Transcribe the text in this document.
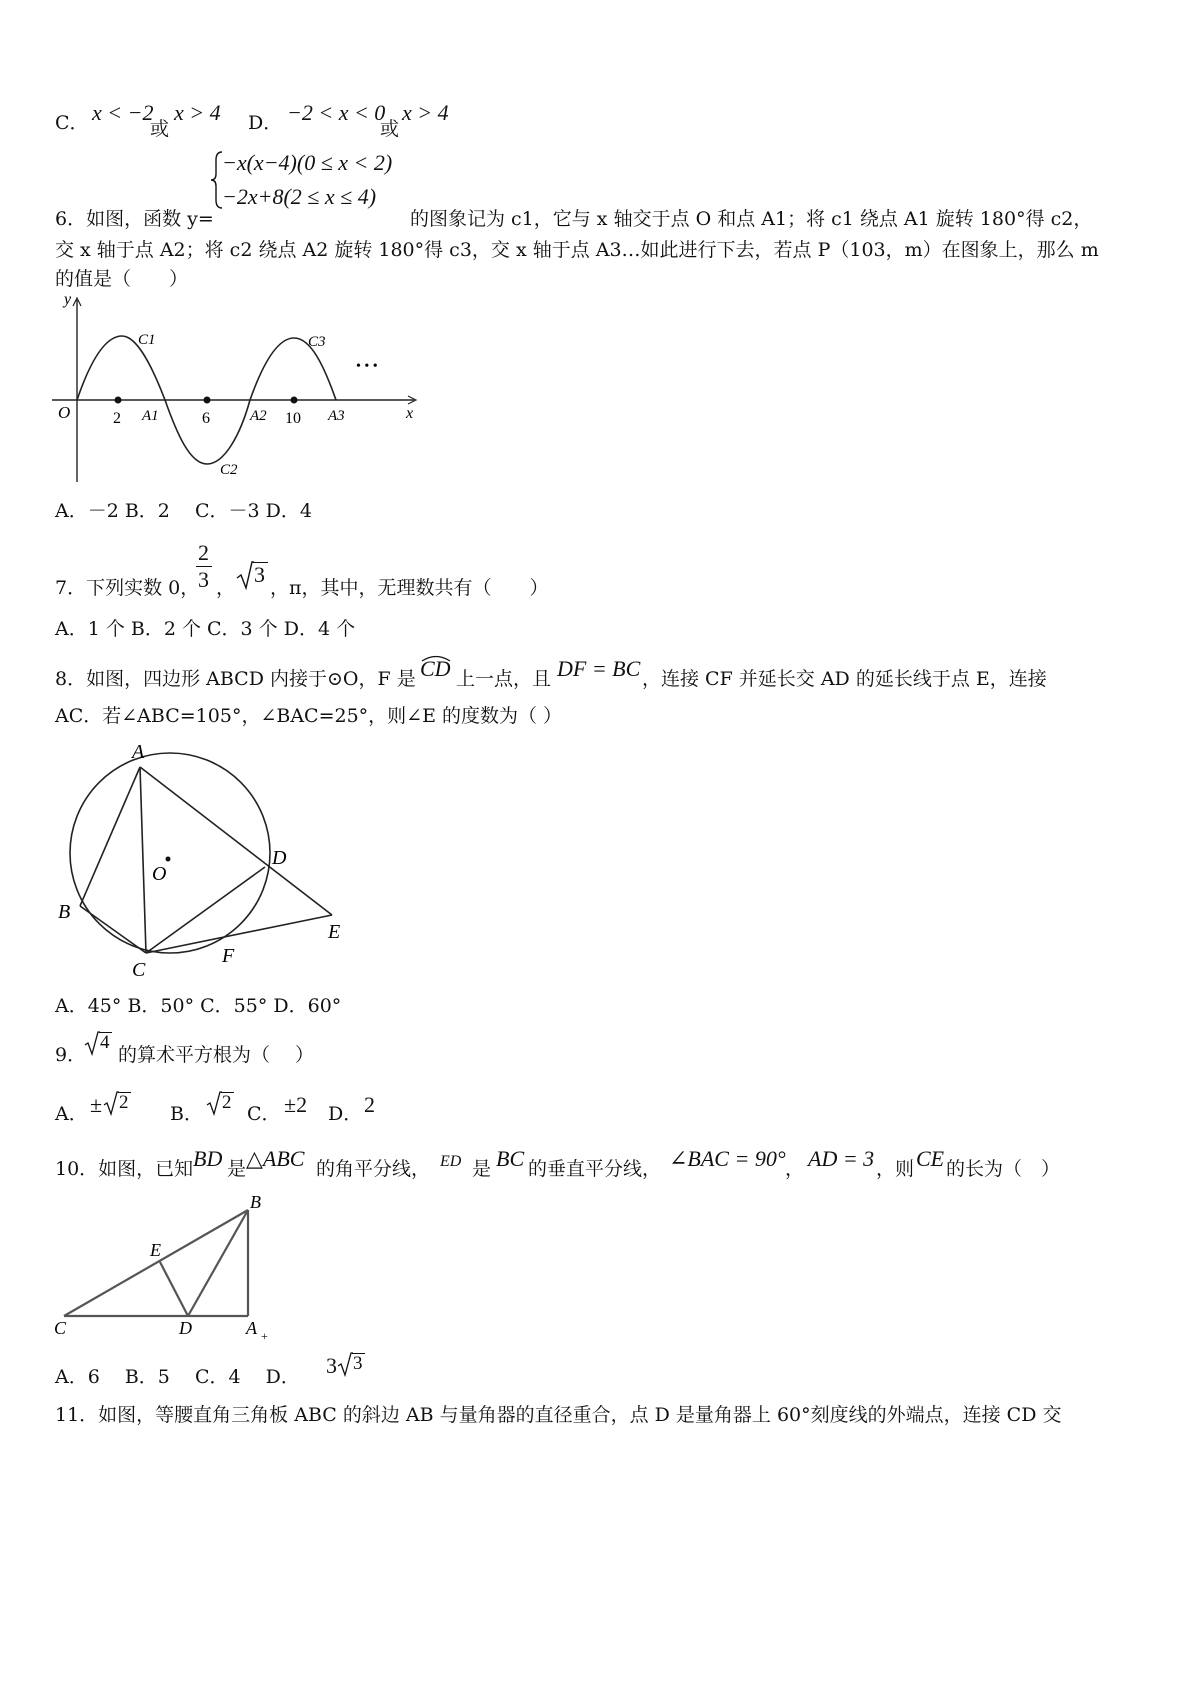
C． x < −2
或
x > 4 D． −2 < x < 0
或
x > 4
−x(x−4)(0 ≤ x < 2)
−2x+8(2 ≤ x ≤ 4)
6．如图，函数 y=	的图象记为 c1，它与 x 轴交于点 O 和点 A1；将 c1 绕点 A1 旋转 180°得 c2，
交 x 轴于点 A2；将 c2 绕点 A2 旋转 180°得 c3，交 x 轴于点 A3…如此进行下去，若点 P（103，m）在图象上，那么 m
的值是（　　）
y
x
O	2	6	10
A1	A2	A3
C1
C2
C3
• • •
A．－2 B．2　 C．－3 D．4
7．下列实数 0，
2
3 ，
3
，π，其中，无理数共有（　　）
A．1 个 B．2 个 C．3 个 D．4 个
8．如图，四边形 ABCD 内接于⊙O，F 是 CD 上一点，且 DF = BC ，连接 CF 并延长交 AD 的延长线于点 E，连接
AC．若∠ABC=105°，∠BAC=25°，则∠E 的度数为（ ）
A
B
C
D
E
F
O
A．45° B．50° C．55° D．60°
9．
4
的算术平方根为（　 ）
A． ± 2
B．
2
C． ±2 D． 2
10．如图，已知 BD 是 △ABC 的角平分线， ED 是 BC 的垂直平分线， ∠BAC = 90° ， AD = 3 ，则 CE 的长为（　）
B
E
C	D	A +
A．6　 B．5　 C．4　 D． 3 3
11．如图，等腰直角三角板 ABC 的斜边 AB 与量角器的直径重合，点 D 是量角器上 60°刻度线的外端点，连接 CD 交
